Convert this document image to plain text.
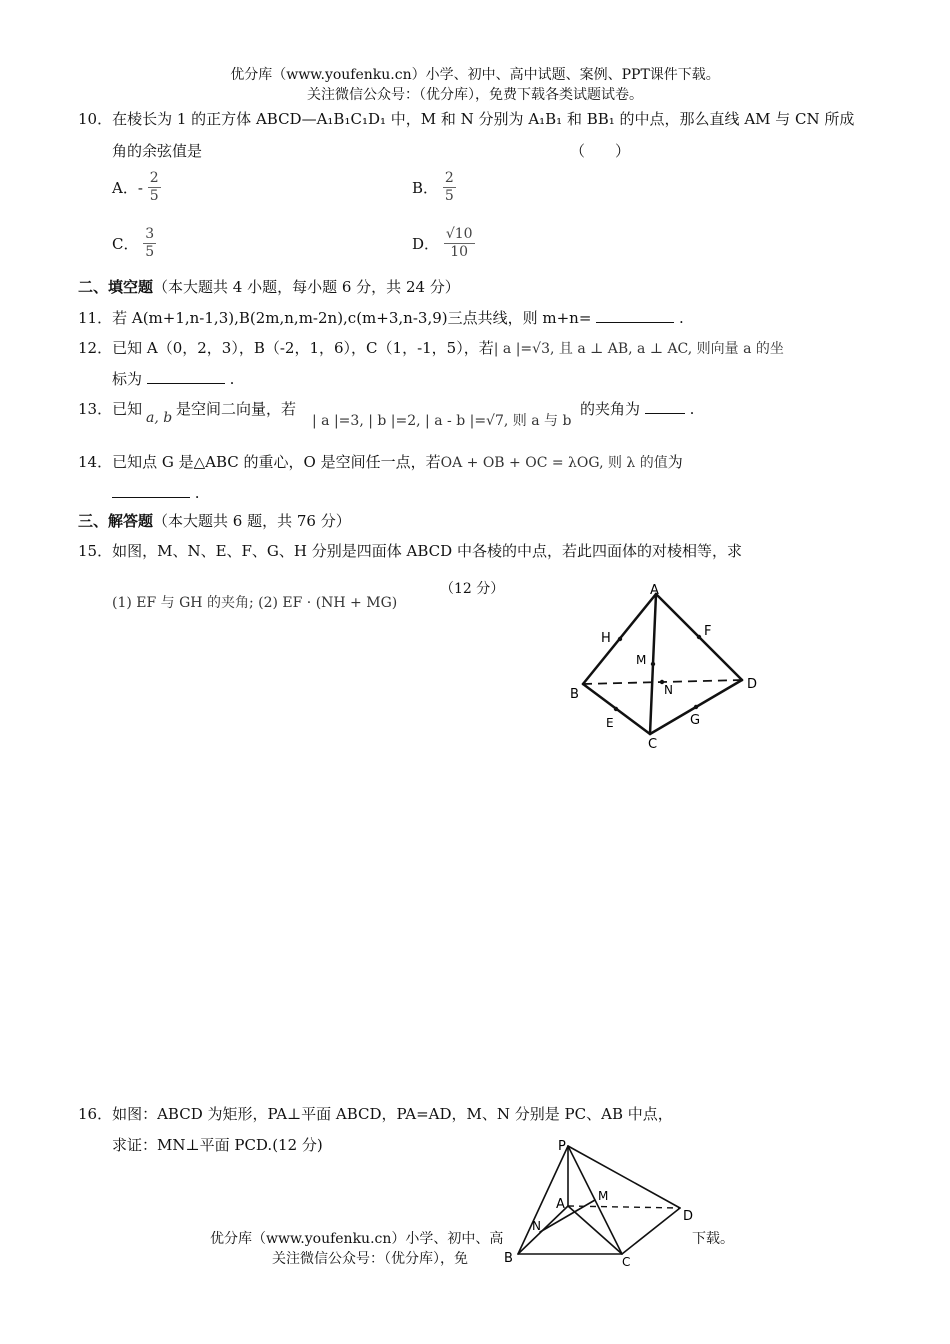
优分库（www.youfenku.cn）小学、初中、高中试题、案例、PPT课件下载。
关注微信公众号：（优分库），免费下载各类试题试卷。
10．在棱长为 1 的正方体 ABCD—A₁B₁C₁D₁ 中，M 和 N 分别为 A₁B₁ 和 BB₁ 的中点，那么直线 AM 与 CN 所成
角的余弦值是	（　　）
A．- $\frac{2}{5}$	B． $\frac{2}{5}$
C． $\frac{3}{5}$	D． $\frac{√10}{10}$
二、填空题（本大题共 4 小题，每小题 6 分，共 24 分）
11．若 A(m+1,n-1,3),B(2m,n,m-2n),c(m+3,n-3,9)三点共线，则 m+n=	.
12．已知 A（0，2，3），B（-2，1，6），C（1，-1，5），若| a |=√3, 且 a ⊥ AB, a ⊥ AC, 则向量 a 的坐
标为	.
13．已知 a, b 是空间二向量，若
| a |=3, | b |=2, | a - b |=√7, 则 a 与 b
的夹角为	.
14．已知点 G 是△ABC 的重心，O 是空间任一点，若OA + OB + OC = λOG, 则 λ 的值为
.
三、解答题（本大题共 6 题，共 76 分）
15．如图，M、N、E、F、G、H 分别是四面体 ABCD 中各棱的中点，若此四面体的对棱相等，求
(1) EF 与 GH 的夹角; (2) EF · (NH + MG)
（12 分）	A
B
C
D
E
F
G
H
M
N
16．如图：ABCD 为矩形，PA⊥平面 ABCD，PA=AD，M、N 分别是 PC、AB 中点，
求证：MN⊥平面 PCD.(12 分)	P
A
B	C
D
M
N
优分库（www.youfenku.cn）小学、初中、高	下载。
关注微信公众号：（优分库），免
